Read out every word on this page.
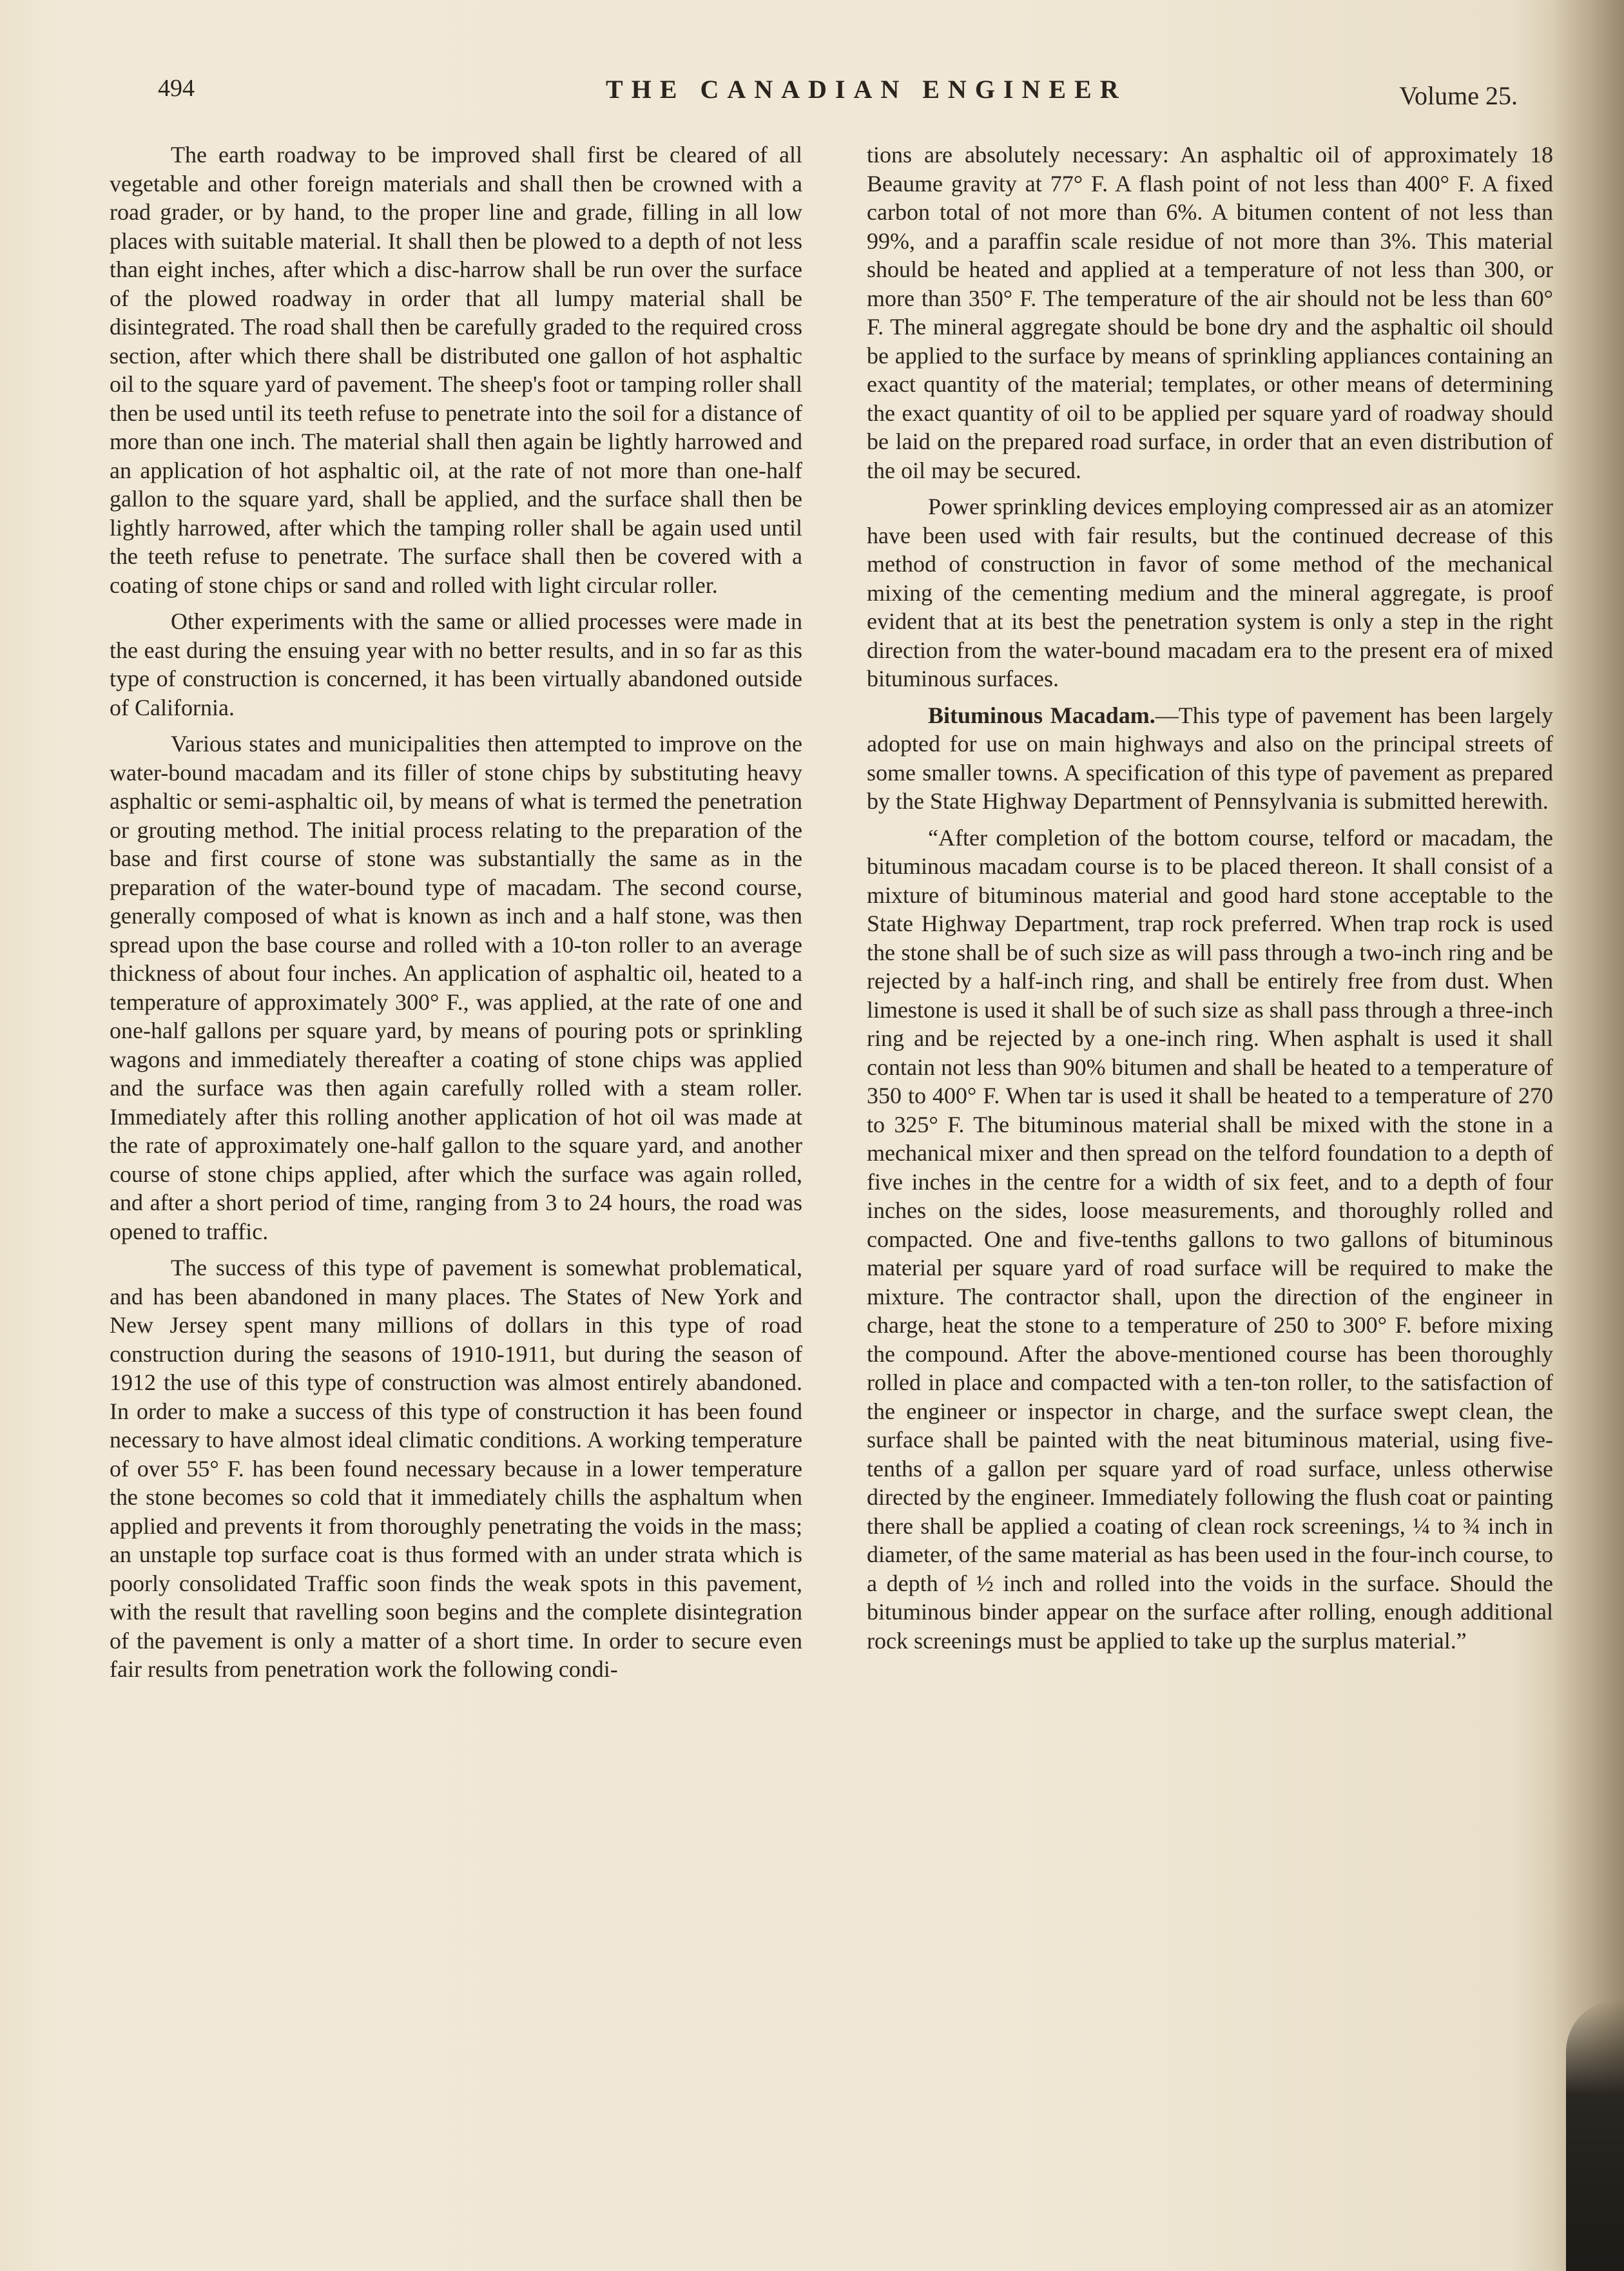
494	THE CANADIAN ENGINEER	Volume 25.

The earth roadway to be improved shall first be cleared of all vegetable and other foreign materials and shall then be crowned with a road grader, or by hand, to the proper line and grade, filling in all low places with suitable material. It shall then be plowed to a depth of not less than eight inches, after which a disc-harrow shall be run over the surface of the plowed roadway in order that all lumpy material shall be disintegrated. The road shall then be carefully graded to the required cross section, after which there shall be distributed one gallon of hot asphaltic oil to the square yard of pavement. The sheep's foot or tamping roller shall then be used until its teeth refuse to penetrate into the soil for a distance of more than one inch. The material shall then again be lightly harrowed and an application of hot asphaltic oil, at the rate of not more than one-half gallon to the square yard, shall be applied, and the surface shall then be lightly harrowed, after which the tamping roller shall be again used until the teeth refuse to penetrate. The surface shall then be covered with a coating of stone chips or sand and rolled with light circular roller.

Other experiments with the same or allied processes were made in the east during the ensuing year with no better results, and in so far as this type of construction is concerned, it has been virtually abandoned outside of California.

Various states and municipalities then attempted to improve on the water-bound macadam and its filler of stone chips by substituting heavy asphaltic or semi-asphaltic oil, by means of what is termed the penetration or grouting method. The initial process relating to the preparation of the base and first course of stone was substantially the same as in the preparation of the water-bound type of macadam. The second course, generally composed of what is known as inch and a half stone, was then spread upon the base course and rolled with a 10-ton roller to an average thickness of about four inches. An application of asphaltic oil, heated to a temperature of approximately 300° F., was applied, at the rate of one and one-half gallons per square yard, by means of pouring pots or sprinkling wagons and immediately thereafter a coating of stone chips was applied and the surface was then again carefully rolled with a steam roller. Immediately after this rolling another application of hot oil was made at the rate of approximately one-half gallon to the square yard, and another course of stone chips applied, after which the surface was again rolled, and after a short period of time, ranging from 3 to 24 hours, the road was opened to traffic.

The success of this type of pavement is somewhat problematical, and has been abandoned in many places. The States of New York and New Jersey spent many millions of dollars in this type of road construction during the seasons of 1910-1911, but during the season of 1912 the use of this type of construction was almost entirely abandoned. In order to make a success of this type of construction it has been found necessary to have almost ideal climatic conditions. A working temperature of over 55° F. has been found necessary because in a lower temperature the stone becomes so cold that it immediately chills the asphaltum when applied and prevents it from thoroughly penetrating the voids in the mass; an unstaple top surface coat is thus formed with an under strata which is poorly consolidated Traffic soon finds the weak spots in this pavement, with the result that ravelling soon begins and the complete disintegration of the pavement is only a matter of a short time. In order to secure even fair results from penetration work the following condi-

tions are absolutely necessary: An asphaltic oil of approximately 18 Beaume gravity at 77° F. A flash point of not less than 400° F. A fixed carbon total of not more than 6%. A bitumen content of not less than 99%, and a paraffin scale residue of not more than 3%. This material should be heated and applied at a temperature of not less than 300, or more than 350° F. The temperature of the air should not be less than 60° F. The mineral aggregate should be bone dry and the asphaltic oil should be applied to the surface by means of sprinkling appliances containing an exact quantity of the material; templates, or other means of determining the exact quantity of oil to be applied per square yard of roadway should be laid on the prepared road surface, in order that an even distribution of the oil may be secured.

Power sprinkling devices employing compressed air as an atomizer have been used with fair results, but the continued decrease of this method of construction in favor of some method of the mechanical mixing of the cementing medium and the mineral aggregate, is proof evident that at its best the penetration system is only a step in the right direction from the water-bound macadam era to the present era of mixed bituminous surfaces.

Bituminous Macadam.—This type of pavement has been largely adopted for use on main highways and also on the principal streets of some smaller towns. A specification of this type of pavement as prepared by the State Highway Department of Pennsylvania is submitted herewith.

“After completion of the bottom course, telford or macadam, the bituminous macadam course is to be placed thereon. It shall consist of a mixture of bituminous material and good hard stone acceptable to the State Highway Department, trap rock preferred. When trap rock is used the stone shall be of such size as will pass through a two-inch ring and be rejected by a half-inch ring, and shall be entirely free from dust. When limestone is used it shall be of such size as shall pass through a three-inch ring and be rejected by a one-inch ring. When asphalt is used it shall contain not less than 90% bitumen and shall be heated to a temperature of 350 to 400° F. When tar is used it shall be heated to a temperature of 270 to 325° F. The bituminous material shall be mixed with the stone in a mechanical mixer and then spread on the telford foundation to a depth of five inches in the centre for a width of six feet, and to a depth of four inches on the sides, loose measurements, and thoroughly rolled and compacted. One and five-tenths gallons to two gallons of bituminous material per square yard of road surface will be required to make the mixture. The contractor shall, upon the direction of the engineer in charge, heat the stone to a temperature of 250 to 300° F. before mixing the compound. After the above-mentioned course has been thoroughly rolled in place and compacted with a ten-ton roller, to the satisfaction of the engineer or inspector in charge, and the surface swept clean, the surface shall be painted with the neat bituminous material, using five-tenths of a gallon per square yard of road surface, unless otherwise directed by the engineer. Immediately following the flush coat or painting there shall be applied a coating of clean rock screenings, ¼ to ¾ inch in diameter, of the same material as has been used in the four-inch course, to a depth of ½ inch and rolled into the voids in the surface. Should the bituminous binder appear on the surface after rolling, enough additional rock screenings must be applied to take up the surplus material.”
